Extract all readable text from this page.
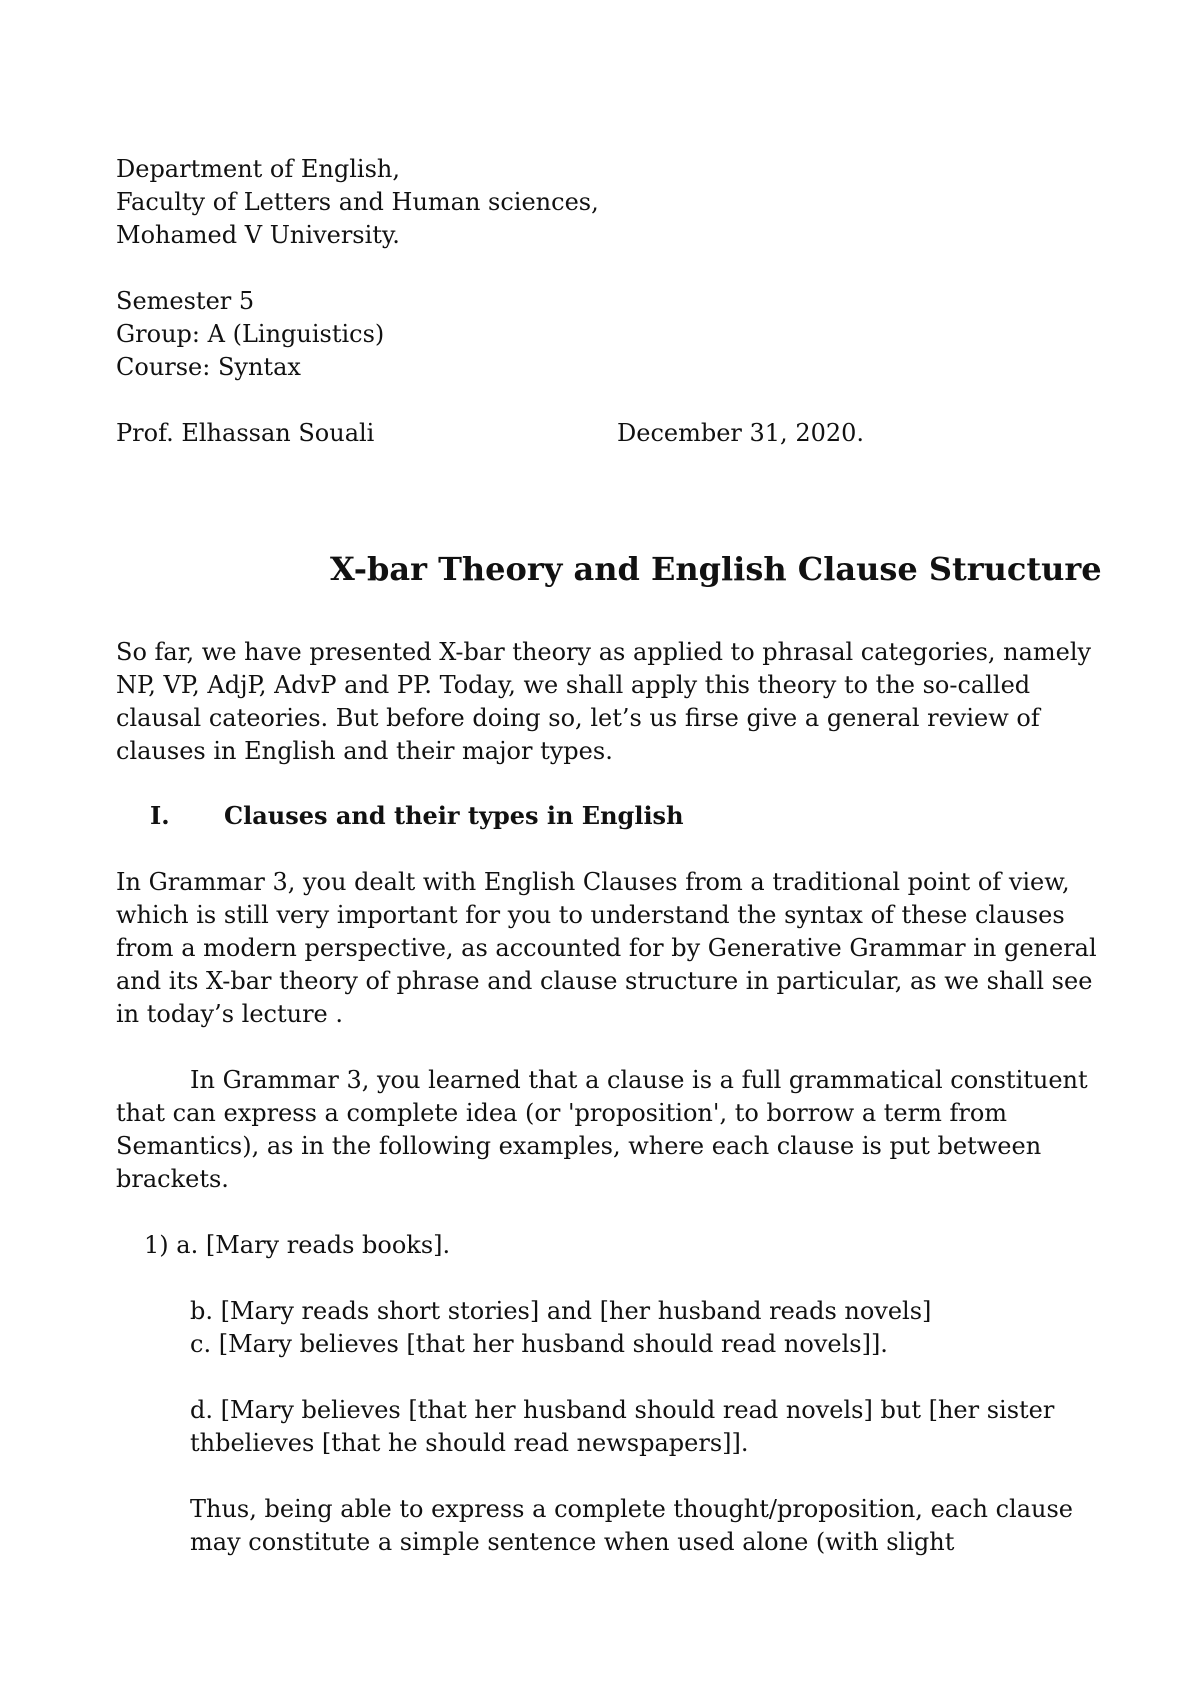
Department of English,

Faculty of Letters and Human sciences,

Mohamed V University.

Semester 5

Group: A (Linguistics)

Course: Syntax

Prof. Elhassan Souali	December 31, 2020.

X-bar Theory and English Clause Structure

So far, we have presented X-bar theory as applied to phrasal categories, namely

NP, VP, AdjP, AdvP and PP. Today, we shall apply this theory to the so-called

clausal cateories. But before doing so, let’s us firse give a general review of

clauses in English and their major types.

I. Clauses and their types in English

In Grammar 3, you dealt with English Clauses from a traditional point of view,

which is still very important for you to understand the syntax of these clauses

from a modern perspective, as accounted for by Generative Grammar in general

and its X-bar theory of phrase and clause structure in particular, as we shall see

in today’s lecture .

In Grammar 3, you learned that a clause is a full grammatical constituent

that can express a complete idea (or 'proposition', to borrow a term from

Semantics), as in the following examples, where each clause is put between

brackets.

1) a. [Mary reads books].

b. [Mary reads short stories] and [her husband reads novels]

c. [Mary believes [that her husband should read novels]].

d. [Mary believes [that her husband should read novels] but [her sister

thbelieves [that he should read newspapers]].

Thus, being able to express a complete thought/proposition, each clause

may constitute a simple sentence when used alone (with slight
